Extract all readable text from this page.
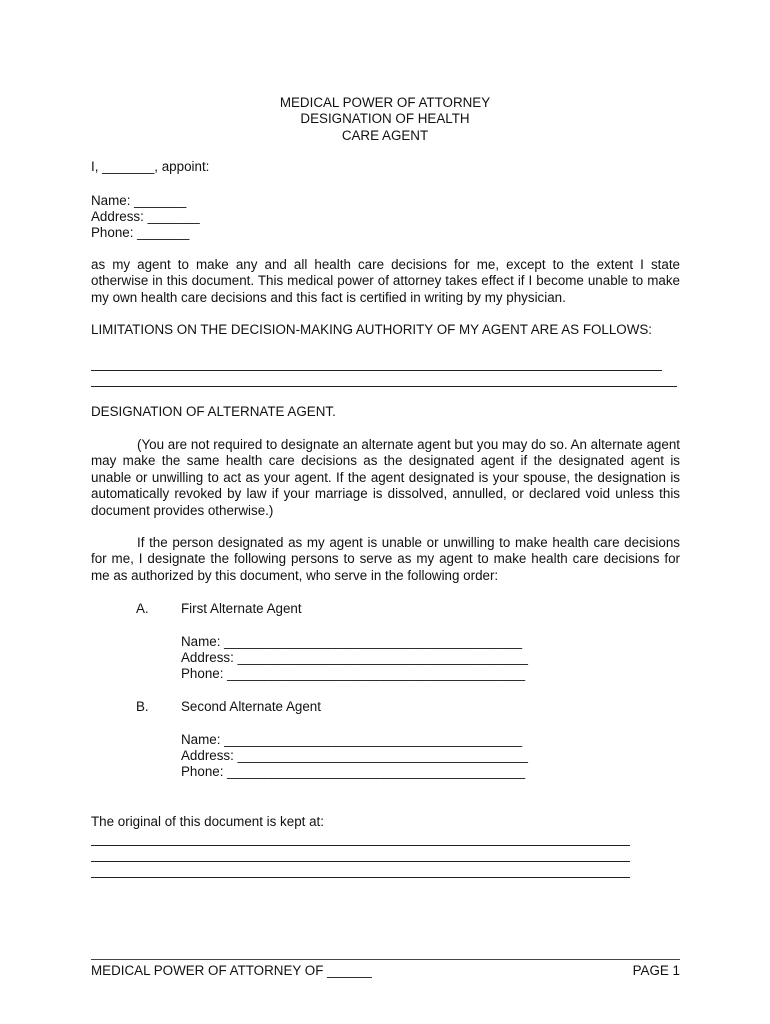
MEDICAL POWER OF ATTORNEY
DESIGNATION OF HEALTH
CARE AGENT
I, _______, appoint:
Name: _______
Address: _______
Phone: _______
as my agent to make any and all health care decisions for me, except to the extent I state otherwise in this document. This medical power of attorney takes effect if I become unable to make my own health care decisions and this fact is certified in writing by my physician.
LIMITATIONS ON THE DECISION-MAKING AUTHORITY OF MY AGENT ARE AS FOLLOWS:
DESIGNATION OF ALTERNATE AGENT.
(You are not required to designate an alternate agent but you may do so. An alternate agent may make the same health care decisions as the designated agent if the designated agent is unable or unwilling to act as your agent. If the agent designated is your spouse, the designation is automatically revoked by law if your marriage is dissolved, annulled, or declared void unless this document provides otherwise.)
If the person designated as my agent is unable or unwilling to make health care decisions for me, I designate the following persons to serve as my agent to make health care decisions for me as authorized by this document, who serve in the following order:
A. First Alternate Agent
Name: ________________________________________
Address: _______________________________________
Phone: ________________________________________
B. Second Alternate Agent
Name: ________________________________________
Address: _______________________________________
Phone: ________________________________________
The original of this document is kept at:
MEDICAL POWER OF ATTORNEY OF ______	PAGE 1
